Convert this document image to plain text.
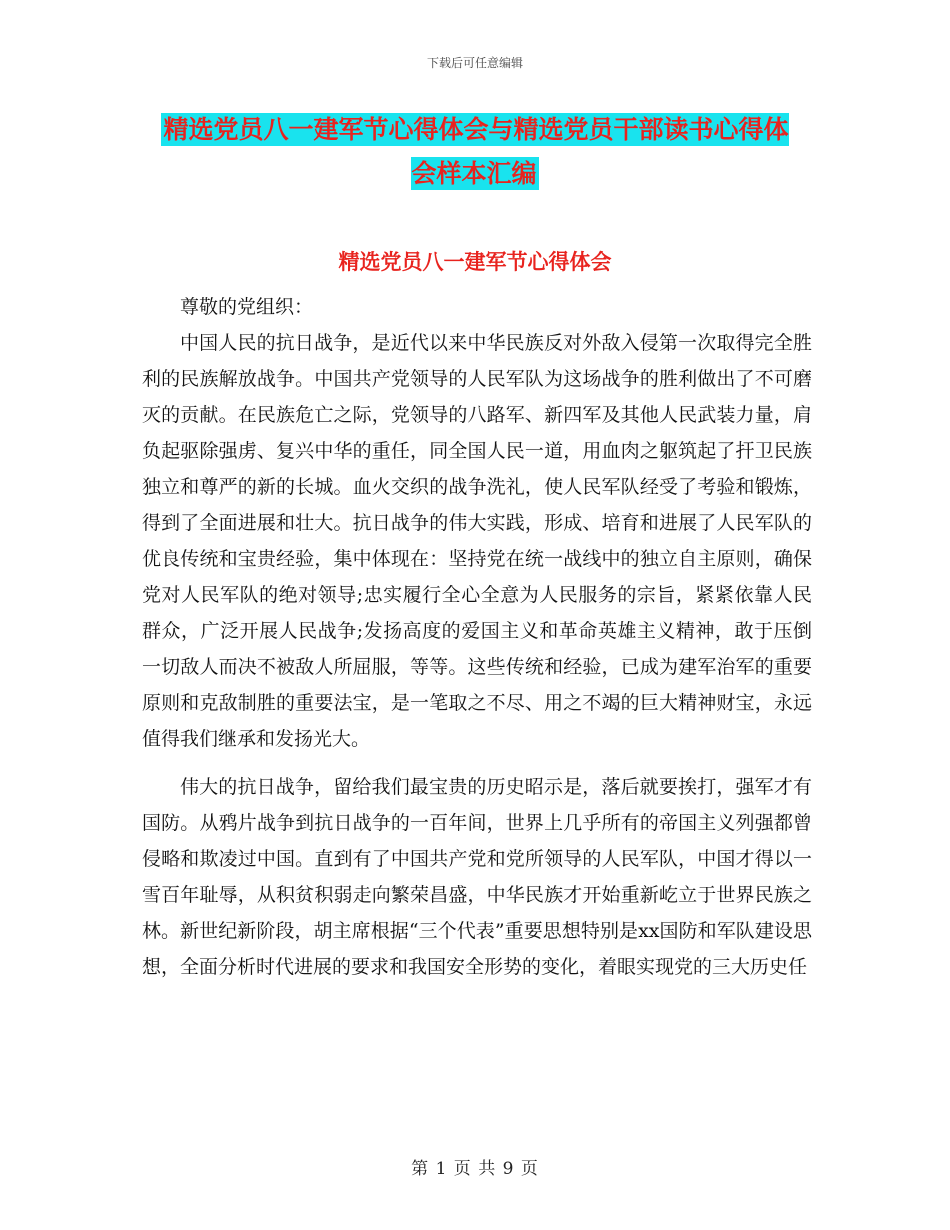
下载后可任意编辑
精选党员八一建军节心得体会与精选党员干部读书心得体会样本汇编
精选党员八一建军节心得体会

尊敬的党组织：

中国人民的抗日战争，是近代以来中华民族反对外敌入侵第一次取得完全胜利的民族解放战争。中国共产党领导的人民军队为这场战争的胜利做出了不可磨灭的贡献。在民族危亡之际，党领导的八路军、新四军及其他人民武装力量，肩负起驱除强虏、复兴中华的重任，同全国人民一道，用血肉之躯筑起了扞卫民族独立和尊严的新的长城。血火交织的战争洗礼，使人民军队经受了考验和锻炼，得到了全面进展和壮大。抗日战争的伟大实践，形成、培育和进展了人民军队的优良传统和宝贵经验，集中体现在：坚持党在统一战线中的独立自主原则，确保党对人民军队的绝对领导;忠实履行全心全意为人民服务的宗旨，紧紧依靠人民群众，广泛开展人民战争;发扬高度的爱国主义和革命英雄主义精神，敢于压倒一切敌人而决不被敌人所屈服，等等。这些传统和经验，已成为建军治军的重要原则和克敌制胜的重要法宝，是一笔取之不尽、用之不竭的巨大精神财宝，永远值得我们继承和发扬光大。

伟大的抗日战争，留给我们最宝贵的历史昭示是，落后就要挨打，强军才有国防。从鸦片战争到抗日战争的一百年间，世界上几乎所有的帝国主义列强都曾侵略和欺凌过中国。直到有了中国共产党和党所领导的人民军队，中国才得以一雪百年耻辱，从积贫积弱走向繁荣昌盛，中华民族才开始重新屹立于世界民族之林。新世纪新阶段，胡主席根据“三个代表”重要思想特别是xx国防和军队建设思想，全面分析时代进展的要求和我国安全形势的变化，着眼实现党的三大历史任

第 1 页 共 9 页
